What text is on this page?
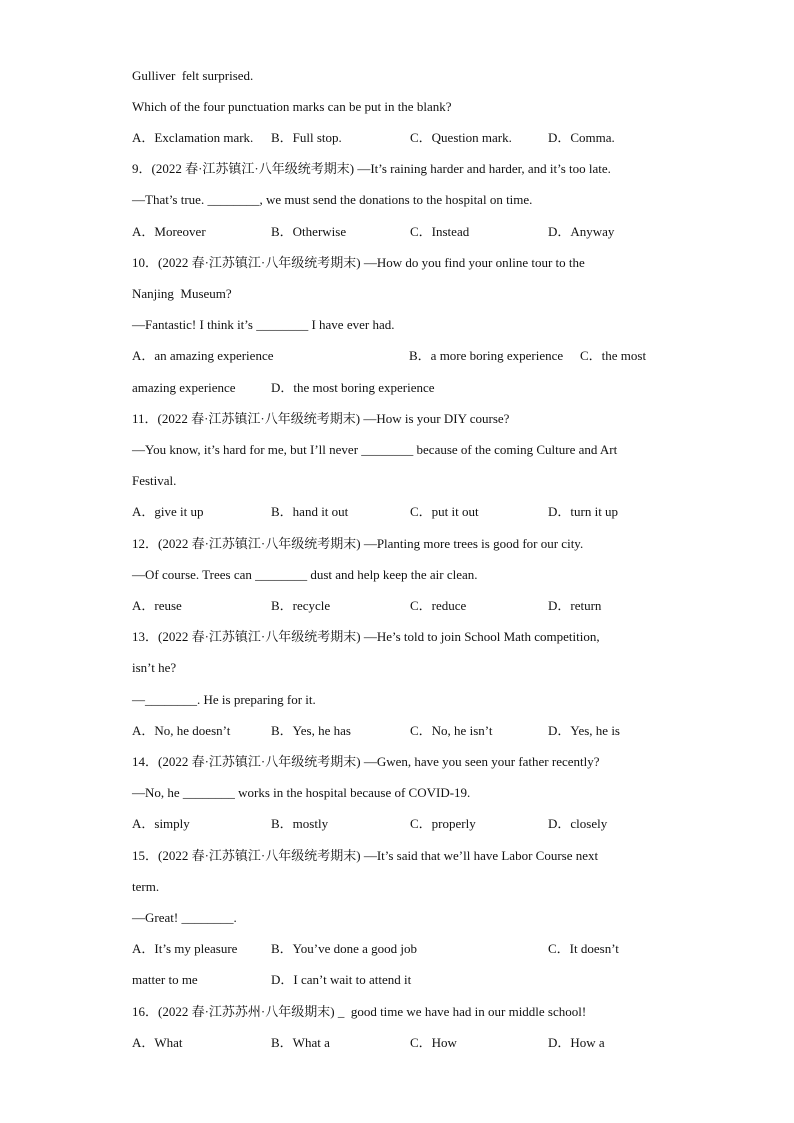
Gulliver  felt surprised.
Which of the four punctuation marks can be put in the blank?
A．Exclamation mark. B．Full stop.	C．Question mark.	D．Comma.
9．(2022 春·江苏镇江·八年级统考期末) —It’s raining harder and harder, and it’s too late.
—That’s true. ________, we must send the donations to the hospital on time.
A．Moreover	B．Otherwise	C．Instead	D．Anyway
10．(2022 春·江苏镇江·八年级统考期末) —How do you find your online tour to the
Nanjing  Museum?
—Fantastic! I think it’s ________ I have ever had.
A．an amazing experience	B．a more boring experience C．the most
amazing experience	D．the most boring experience
11．(2022 春·江苏镇江·八年级统考期末) —How is your DIY course?
—You know, it’s hard for me, but I’ll never ________ because of the coming Culture and Art
Festival.
A．give it up	B．hand it out	C．put it out	D．turn it up
12．(2022 春·江苏镇江·八年级统考期末) —Planting more trees is good for our city.
—Of course. Trees can ________ dust and help keep the air clean.
A．reuse	B．recycle	C．reduce	D．return
13．(2022 春·江苏镇江·八年级统考期末) —He’s told to join School Math competition,
isn’t he?
—________. He is preparing for it.
A．No, he doesn’t	B．Yes, he has	C．No, he isn’t	D．Yes, he is
14．(2022 春·江苏镇江·八年级统考期末) —Gwen, have you seen your father recently?
—No, he ________ works in the hospital because of COVID-19.
A．simply	B．mostly	C．properly	D．closely
15．(2022 春·江苏镇江·八年级统考期末) —It’s said that we’ll have Labor Course next
term.
—Great! ________.
A．It’s my pleasure	B．You’ve done a good job	C．It doesn’t
matter to me	D．I can’t wait to attend it
16．(2022 春·江苏苏州·八年级期末) _  good time we have had in our middle school!
A．What	B．What a	C．How	D．How a
